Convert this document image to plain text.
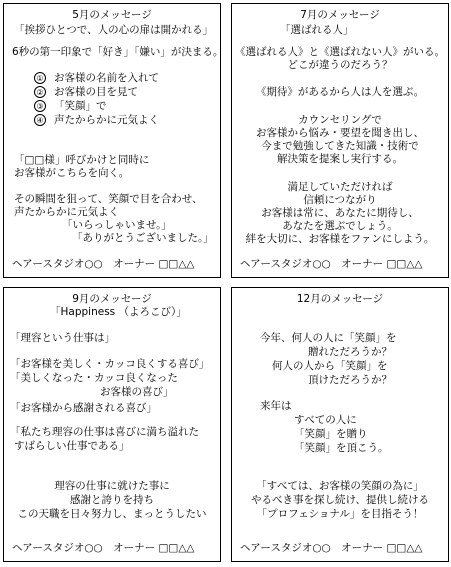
5月のメッセージ
「挨拶ひとつで、人の心の扉は開かれる」
6秒の第一印象で「好き」「嫌い」が決まる。
① お客様の名前を入れて
② お客様の目を見て
③ 「笑顔」で
④ 声たからかに元気よく
「□□様」呼びかけと同時に
お客様がこちらを向く。
その瞬間を狙って、笑顔で目を合わせ、
声たからかに元気よく
「いらっしゃいませ。」
「ありがとうございました。」
ヘアースタジオ○○　オーナー □□△△
7月のメッセージ
「選ばれる人」
《選ばれる人》と《選ばれない人》がいる。
どこが違うのだろう？
《期待》があるから人は人を選ぶ。
カウンセリングで
お客様から悩み・要望を聞き出し、
今まで勉強してきた知識・技術で
解決策を提案し実行する。
満足していただければ
信頼につながり
お客様は常に、あなたに期待し、
あなたを選ぶでしょう。
絆を大切に、お客様をファンにしよう。
ヘアースタジオ○○　オーナー □□△△
9月のメッセージ
「Happiness （よろこび）」
「理容という仕事は」
「お客様を美しく・カッコ良くする喜び」
「美しくなった・カッコ良くなった
お客様の喜び」
「お客様から感謝される喜び」
「私たち理容の仕事は喜びに満ち溢れた
すばらしい仕事である」
理容の仕事に就けた事に
感謝と誇りを持ち
この天職を日々努力し、まっとうしたい
ヘアースタジオ○○　オーナー □□△△
12月のメッセージ
今年、何人の人に「笑顔」を
贈れただろうか？
何人の人から「笑顔」を
頂けただろうか？
来年は
すべての人に
「笑顔」を贈り
「笑顔」を頂こう。
「すべては、お客様の笑顔の為に」
やるべき事を探し続け、提供し続ける
「プロフェショナル」を目指そう！
ヘアースタジオ○○　オーナー □□△△
